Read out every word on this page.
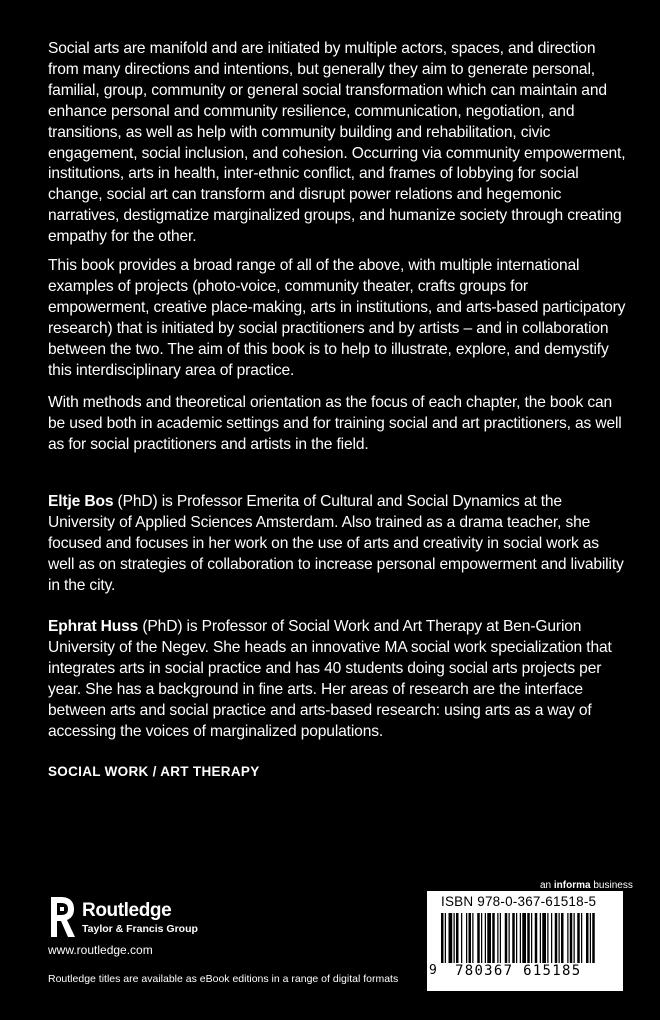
Social arts are manifold and are initiated by multiple actors, spaces, and direction from many directions and intentions, but generally they aim to generate personal, familial, group, community or general social transformation which can maintain and enhance personal and community resilience, communication, negotiation, and transitions, as well as help with community building and rehabilitation, civic engagement, social inclusion, and cohesion. Occurring via community empowerment, institutions, arts in health, inter-ethnic conflict, and frames of lobbying for social change, social art can transform and disrupt power relations and hegemonic narratives, destigmatize marginalized groups, and humanize society through creating empathy for the other.

This book provides a broad range of all of the above, with multiple international examples of projects (photo-voice, community theater, crafts groups for empowerment, creative place-making, arts in institutions, and arts-based participatory research) that is initiated by social practitioners and by artists – and in collaboration between the two. The aim of this book is to help to illustrate, explore, and demystify this interdisciplinary area of practice.

With methods and theoretical orientation as the focus of each chapter, the book can be used both in academic settings and for training social and art practitioners, as well as for social practitioners and artists in the field.

Eltje Bos (PhD) is Professor Emerita of Cultural and Social Dynamics at the University of Applied Sciences Amsterdam. Also trained as a drama teacher, she focused and focuses in her work on the use of arts and creativity in social work as well as on strategies of collaboration to increase personal empowerment and livability in the city.

Ephrat Huss (PhD) is Professor of Social Work and Art Therapy at Ben-Gurion University of the Negev. She heads an innovative MA social work specialization that integrates arts in social practice and has 40 students doing social arts projects per year. She has a background in fine arts. Her areas of research are the interface between arts and social practice and arts-based research: using arts as a way of accessing the voices of marginalized populations.

SOCIAL WORK / ART THERAPY
Routledge
Taylor & Francis Group
www.routledge.com
Routledge titles are available as eBook editions in a range of digital formats
an informa business
ISBN 978-0-367-61518-5
9 780367 615185
